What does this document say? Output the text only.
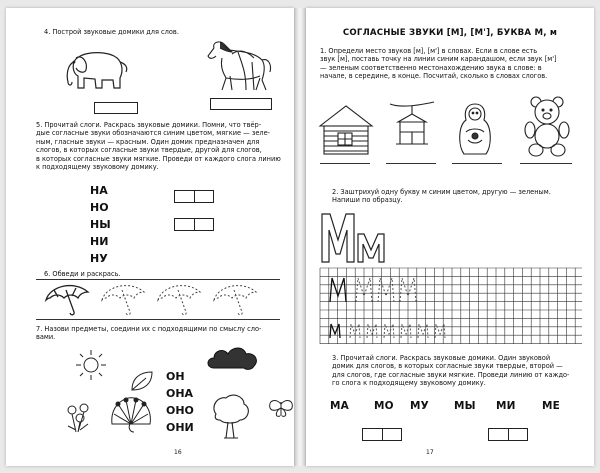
4. Построй звуковые домики для слов.
5. Прочитай слоги. Раскрась звуковые домики. Помни, что твёр-
дые согласные звуки обозначаются синим цветом, мягкие — зеле-
ным, гласные звуки — красным. Один домик предназначен для
слогов, в которых согласные звуки твердые, другой для слогов,
в которых согласные звуки мягкие. Проведи от каждого слога линию
к подходящему звуковому домику.
НА
НО
НЫ
НИ
НУ
6. Обведи и раскрась.
7. Назови предметы, соедини их с подходящими по смыслу сло-
вами.
ОН
ОНА
ОНО
ОНИ
16
СОГЛАСНЫЕ ЗВУКИ [М], [М'], БУКВА М, м
1. Определи место звуков [м], [м'] в словах. Если в слове есть
звук [м], поставь точку на линии синим карандашом, если звук [м']
— зеленым соответственно местонахождению звука в слове: в
начале, в середине, в конце. Посчитай, сколько в словах слогов.
2. Заштрихуй одну букву м синим цветом, другую — зеленым.
Напиши по образцу.
3. Прочитай слоги. Раскрась звуковые домики. Один звуковой
домик для слогов, в которых согласные звуки твердые, второй —
для слогов, где согласные звуки мягкие. Проведи линию от каждо-
го слога к подходящему звуковому домику.
МА МО МУ МЫ МИ	МЕ
17
